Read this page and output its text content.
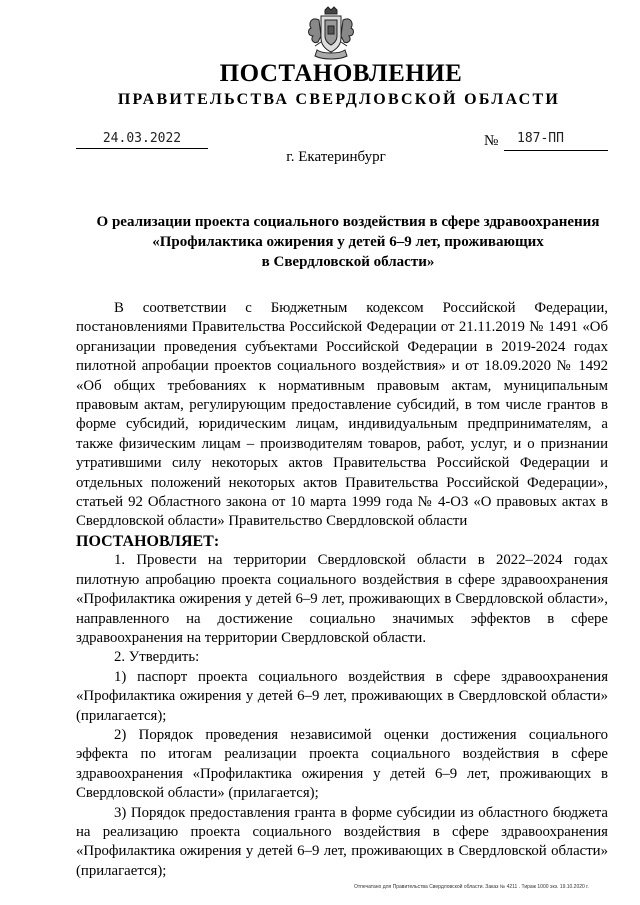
ПОСТАНОВЛЕНИЕ
ПРАВИТЕЛЬСТВА СВЕРДЛОВСКОЙ ОБЛАСТИ
24.03.2022	№ 187-ПП
г. Екатеринбург
О реализации проекта социального воздействия в сфере здравоохранения
«Профилактика ожирения у детей 6–9 лет, проживающих
в Свердловской области»

В соответствии с Бюджетным кодексом Российской Федерации, постановлениями Правительства Российской Федерации от 21.11.2019 № 1491 «Об организации проведения субъектами Российской Федерации в 2019-2024 годах пилотной апробации проектов социального воздействия» и от 18.09.2020 № 1492 «Об общих требованиях к нормативным правовым актам, муниципальным правовым актам, регулирующим предоставление субсидий, в том числе грантов в форме субсидий, юридическим лицам, индивидуальным предпринимателям, а также физическим лицам – производителям товаров, работ, услуг, и о признании утратившими силу некоторых актов Правительства Российской Федерации и отдельных положений некоторых актов Правительства Российской Федерации», статьей 92 Областного закона от 10 марта 1999 года № 4-ОЗ «О правовых актах в Свердловской области» Правительство Свердловской области

ПОСТАНОВЛЯЕТ:

1. Провести на территории Свердловской области в 2022–2024 годах пилотную апробацию проекта социального воздействия в сфере здравоохранения «Профилактика ожирения у детей 6–9 лет, проживающих в Свердловской области», направленного на достижение социально значимых эффектов в сфере здравоохранения на территории Свердловской области.

2. Утвердить:

1) паспорт проекта социального воздействия в сфере здравоохранения «Профилактика ожирения у детей 6–9 лет, проживающих в Свердловской области» (прилагается);

2) Порядок проведения независимой оценки достижения социального эффекта по итогам реализации проекта социального воздействия в сфере здравоохранения «Профилактика ожирения у детей 6–9 лет, проживающих в Свердловской области» (прилагается);

3) Порядок предоставления гранта в форме субсидии из областного бюджета на реализацию проекта социального воздействия в сфере здравоохранения «Профилактика ожирения у детей 6–9 лет, проживающих в Свердловской области» (прилагается);

Отпечатано для Правительства Свердловской области. Заказ № 4211 . Тираж 1000 экз. 19.10.2020 г.
